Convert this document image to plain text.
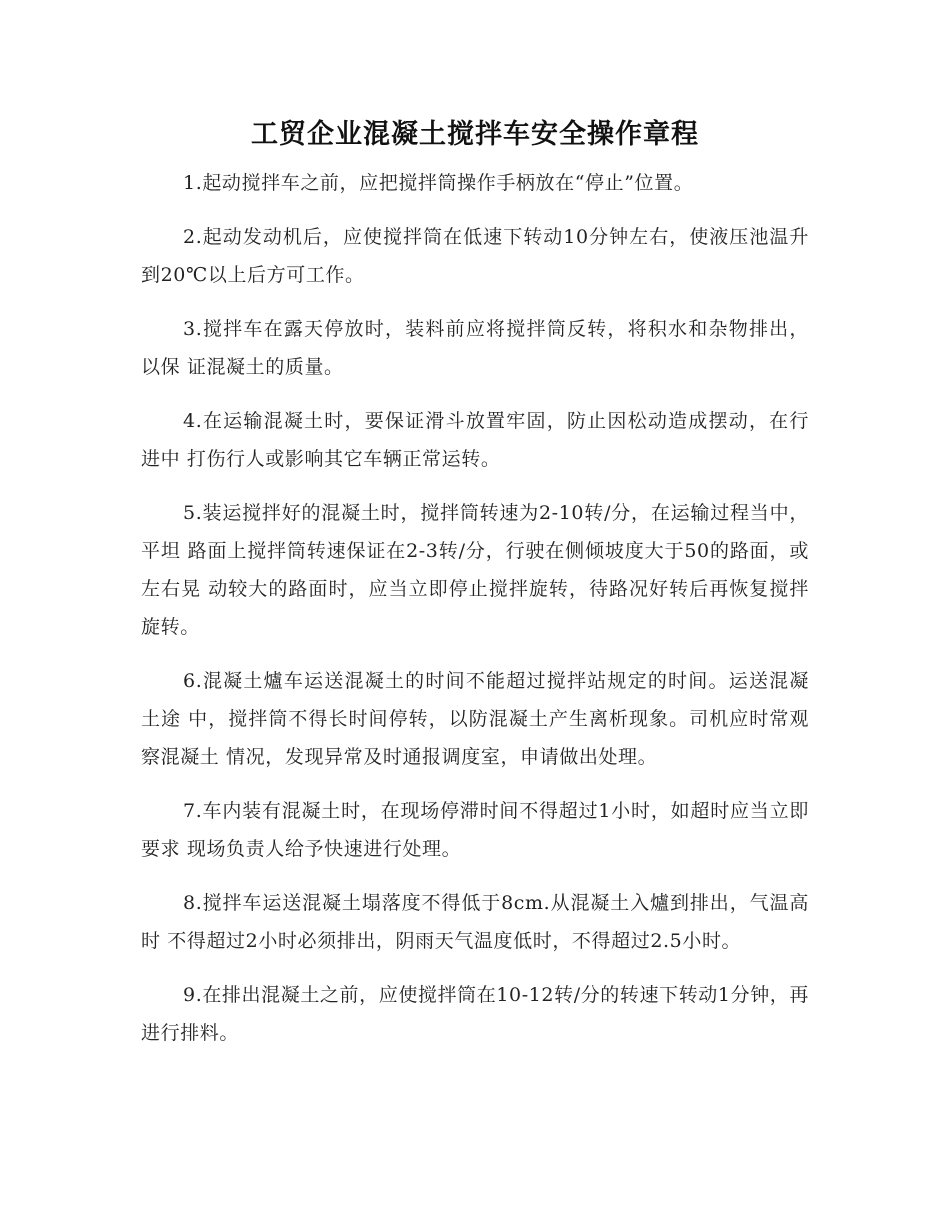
工贸企业混凝土搅拌车安全操作章程

1.起动搅拌车之前，应把搅拌筒操作手柄放在“停止”位置。

2.起动发动机后，应使搅拌筒在低速下转动10分钟左右，使液压池温升到20℃以上后方可工作。

3.搅拌车在露天停放时，装料前应将搅拌筒反转，将积水和杂物排出，以保 证混凝土的质量。

4.在运输混凝土时，要保证滑斗放置牢固，防止因松动造成摆动，在行进中 打伤行人或影响其它车辆正常运转。

5.装运搅拌好的混凝土时，搅拌筒转速为2-10转/分，在运输过程当中，平坦 路面上搅拌筒转速保证在2-3转/分，行驶在侧倾坡度大于50的路面，或左右晃 动较大的路面时，应当立即停止搅拌旋转，待路况好转后再恢复搅拌旋转。

6.混凝土爐车运送混凝土的时间不能超过搅拌站规定的时间。运送混凝土途 中，搅拌筒不得长时间停转，以防混凝土产生离析现象。司机应时常观察混凝土 情况，发现异常及时通报调度室，申请做出处理。

7.车内装有混凝土时，在现场停滞时间不得超过1小时，如超时应当立即要求 现场负责人给予快速进行处理。

8.搅拌车运送混凝土塌落度不得低于8cm.从混凝土入爐到排出，气温高时 不得超过2小时必须排出，阴雨天气温度低时，不得超过2.5小时。

9.在排出混凝土之前，应使搅拌筒在10-12转/分的转速下转动1分钟，再 进行排料。
